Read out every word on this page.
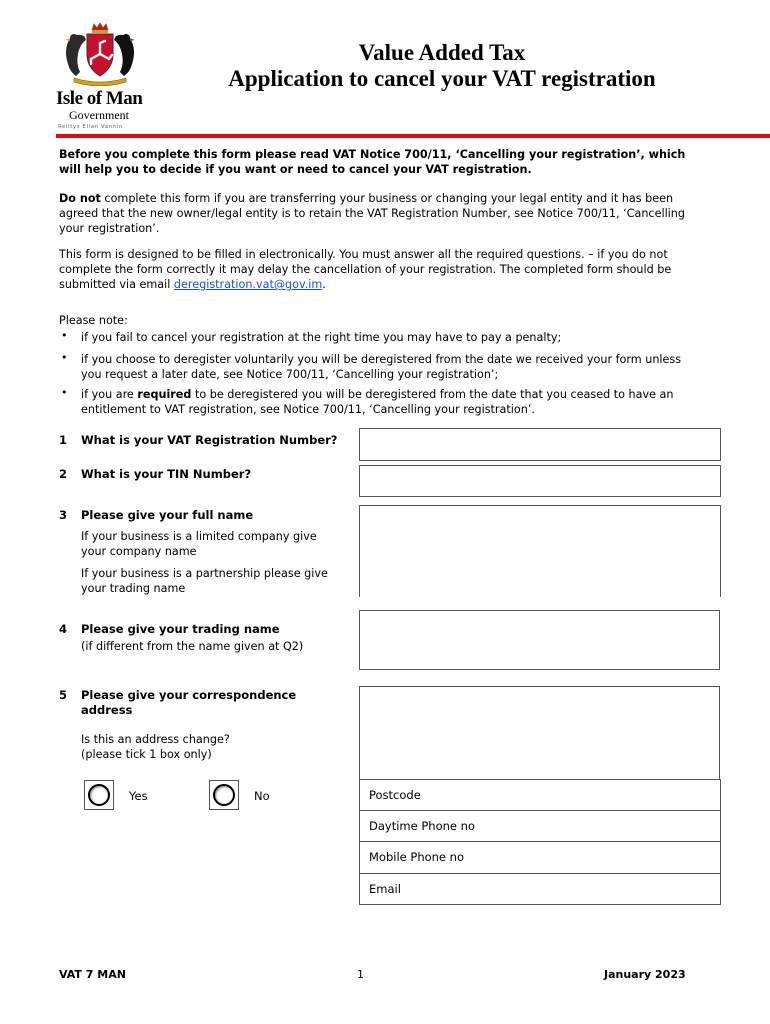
Isle of Man
Government
Reiltys Ellan Vannin
Value Added Tax
Application to cancel your VAT registration
Before you complete this form please read VAT Notice 700/11, ‘Cancelling your registration’, which will help you to decide if you want or need to cancel your VAT registration.
Do not complete this form if you are transferring your business or changing your legal entity and it has been agreed that the new owner/legal entity is to retain the VAT Registration Number, see Notice 700/11, ‘Cancelling your registration’.
This form is designed to be filled in electronically. You must answer all the required questions. – if you do not complete the form correctly it may delay the cancellation of your registration. The completed form should be submitted via email deregistration.vat@gov.im.
Please note:
• if you fail to cancel your registration at the right time you may have to pay a penalty;
• if you choose to deregister voluntarily you will be deregistered from the date we received your form unless you request a later date, see Notice 700/11, ‘Cancelling your registration’;
• if you are required to be deregistered you will be deregistered from the date that you ceased to have an entitlement to VAT registration, see Notice 700/11, ‘Cancelling your registration’.
1 What is your VAT Registration Number?
2 What is your TIN Number?
3 Please give your full name
If your business is a limited company give your company name
If your business is a partnership please give your trading name
4 Please give your trading name
(if different from the name given at Q2)
5 Please give your correspondence address
Is this an address change?
(please tick 1 box only)
Yes	No	Postcode
Daytime Phone no
Mobile Phone no
Email
VAT 7 MAN	1	January 2023
